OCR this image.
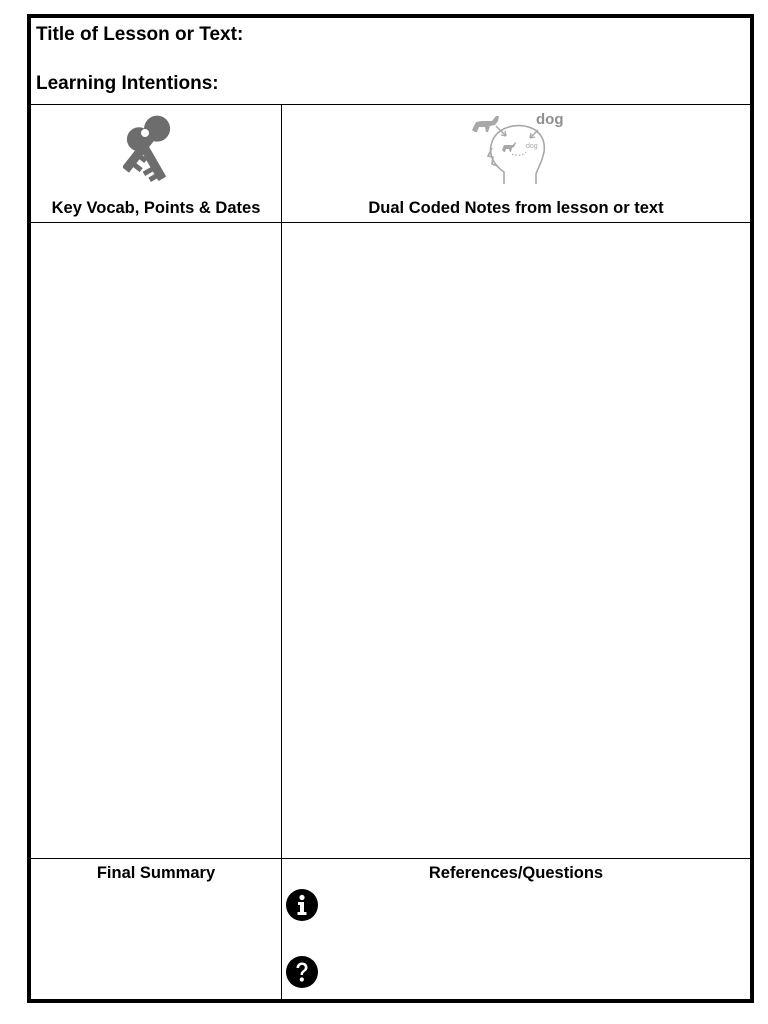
Title of Lesson or Text:
Learning Intentions:
Key Vocab, Points & Dates
dog
dog
Dual Coded Notes from lesson or text
Final Summary	References/Questions
